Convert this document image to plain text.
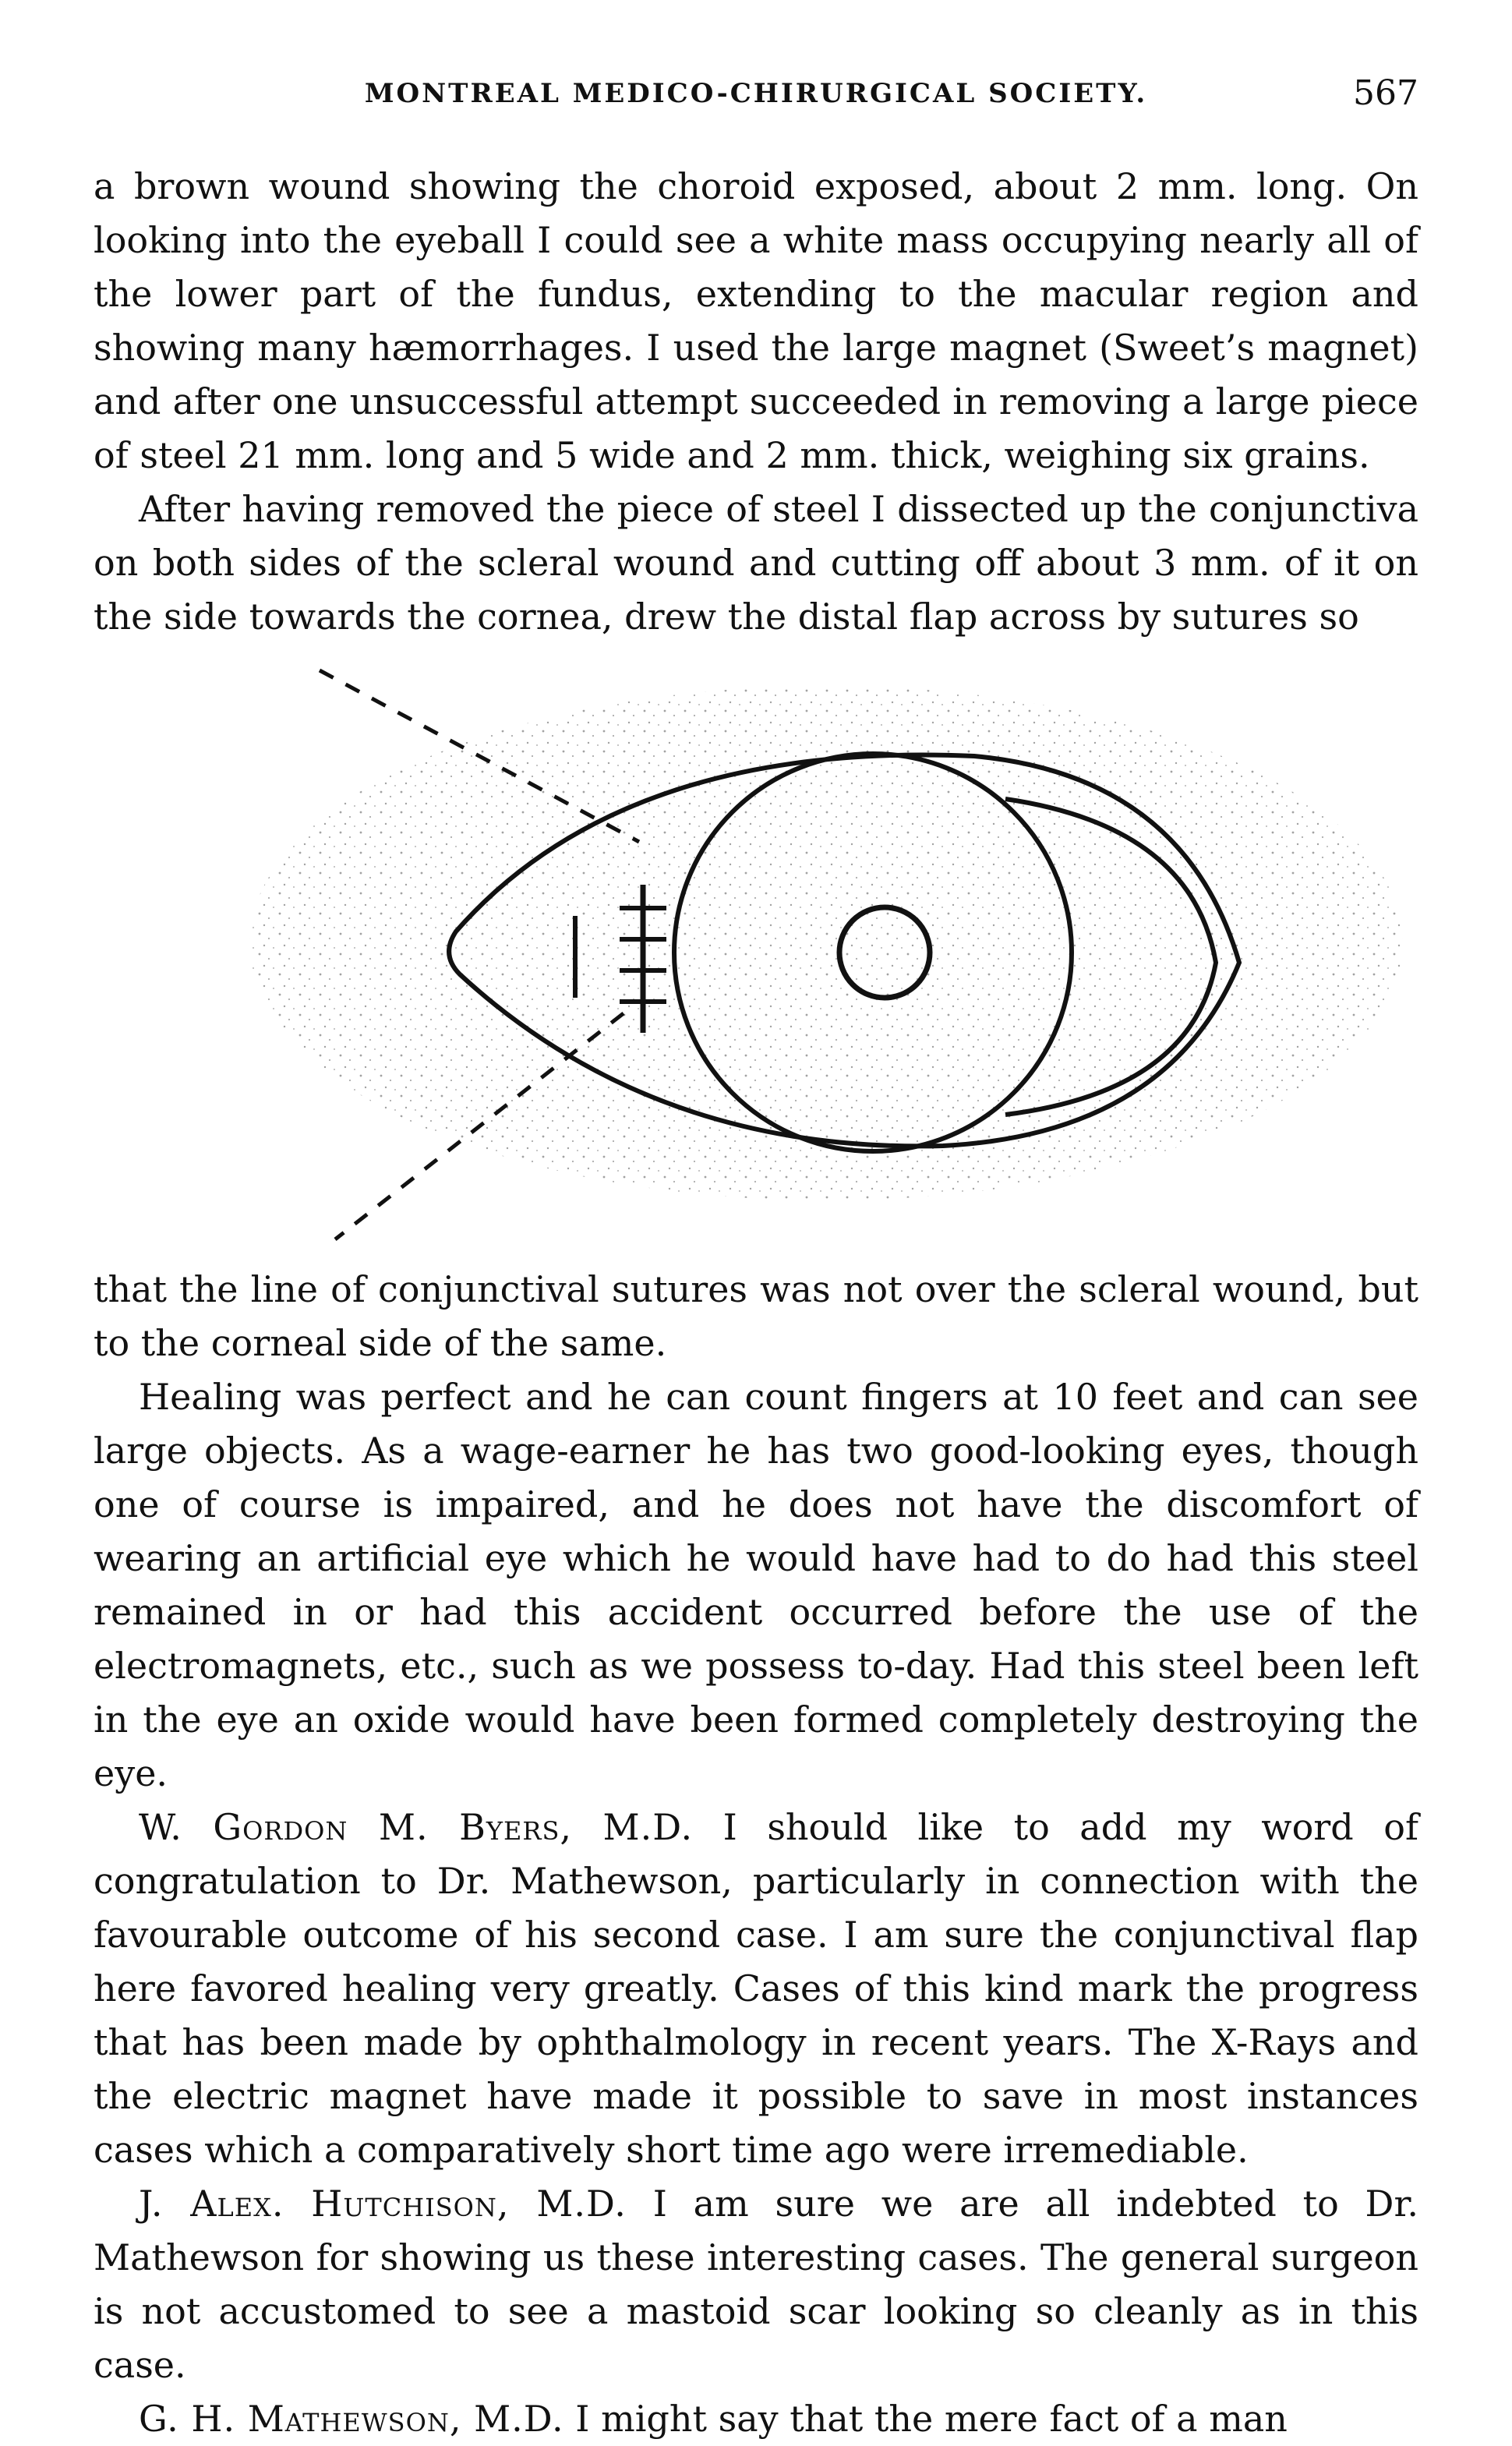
MONTREAL MEDICO-CHIRURGICAL SOCIETY.	567

a brown wound showing the choroid exposed, about 2 mm. long. On looking into the eyeball I could see a white mass occupying nearly all of the lower part of the fundus, extending to the macular region and showing many hæmorrhages. I used the large magnet (Sweet’s magnet) and after one unsuccessful attempt succeeded in removing a large piece of steel 21 mm. long and 5 wide and 2 mm. thick, weighing six grains.

After having removed the piece of steel I dissected up the conjunctiva on both sides of the scleral wound and cutting off about 3 mm. of it on the side towards the cornea, drew the distal flap across by sutures so

that the line of conjunctival sutures was not over the scleral wound, but to the corneal side of the same.

Healing was perfect and he can count fingers at 10 feet and can see large objects. As a wage-earner he has two good-looking eyes, though one of course is impaired, and he does not have the discomfort of wearing an artificial eye which he would have had to do had this steel remained in or had this accident occurred before the use of the electromagnets, etc., such as we possess to-day. Had this steel been left in the eye an oxide would have been formed completely destroying the eye.

W. Gordon M. Byers, M.D. I should like to add my word of congratulation to Dr. Mathewson, particularly in connection with the favourable outcome of his second case. I am sure the conjunctival flap here favored healing very greatly. Cases of this kind mark the progress that has been made by ophthalmology in recent years. The X-Rays and the electric magnet have made it possible to save in most instances cases which a comparatively short time ago were irremediable.

J. Alex. Hutchison, M.D. I am sure we are all indebted to Dr. Mathewson for showing us these interesting cases. The general surgeon is not accustomed to see a mastoid scar looking so cleanly as in this case.

G. H. Mathewson, M.D. I might say that the mere fact of a man
